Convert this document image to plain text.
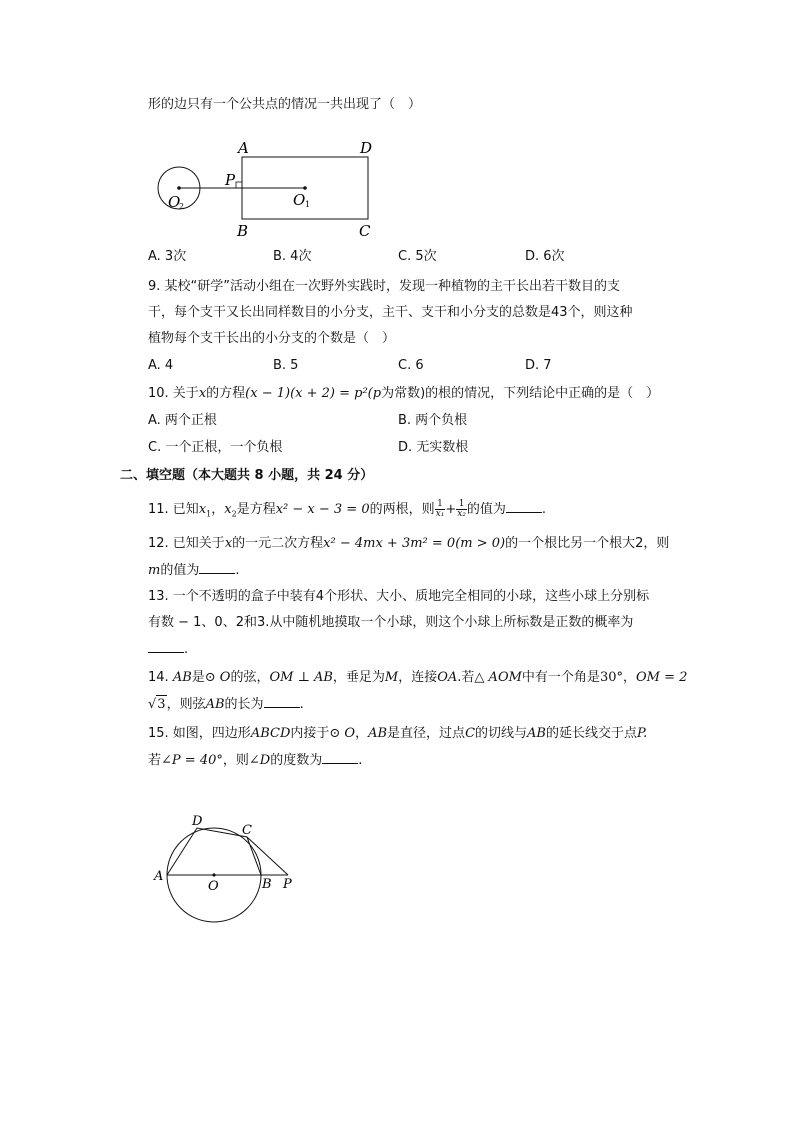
形的边只有一个公共点的情况一共出现了（　）
A	D
B	C
P
O
2	O 1
A. 3次	B. 4次	C. 5次	D. 6次
9. 某校“研学”活动小组在一次野外实践时，发现一种植物的主干长出若干数目的支
干，每个支干又长出同样数目的小分支，主干、支干和小分支的总数是43个，则这种
植物每个支干长出的小分支的个数是（　）
A. 4	B. 5	C. 6	D. 7
10. 关于x的方程(x − 1)(x + 2) = p²(p为常数)的根的情况，下列结论中正确的是（　）
A. 两个正根	B. 两个负根
C. 一个正根，一个负根	D. 无实数根
二、填空题（本大题共 8 小题，共 24 分）
11. 已知$x_1$，$x_2$是方程x² − x − 3 = 0的两根，则 $\frac{1}{\text{x₁}} + \frac{1}{\text{x₂}}$ 的值为	.
12. 已知关于x的一元二次方程x² − 4mx + 3m² = 0(m > 0)的一个根比另一个根大2，则
m的值为	.
13. 一个不透明的盒子中装有4个形状、大小、质地完全相同的小球，这些小球上分别标
有数 − 1、0、2和3.从中随机地摸取一个小球，则这个小球上所标数是正数的概率为
.
14. AB是⊙ O的弦，OM ⊥ AB，垂足为M，连接OA.若△ AOM中有一个角是30°，OM = 2
√3，则弦AB的长为	.
15. 如图，四边形ABCD内接于⊙ O，AB是直径，过点C的切线与AB的延长线交于点P.
若∠P = 40°，则∠D的度数为	.
A
D
C
O	B P
